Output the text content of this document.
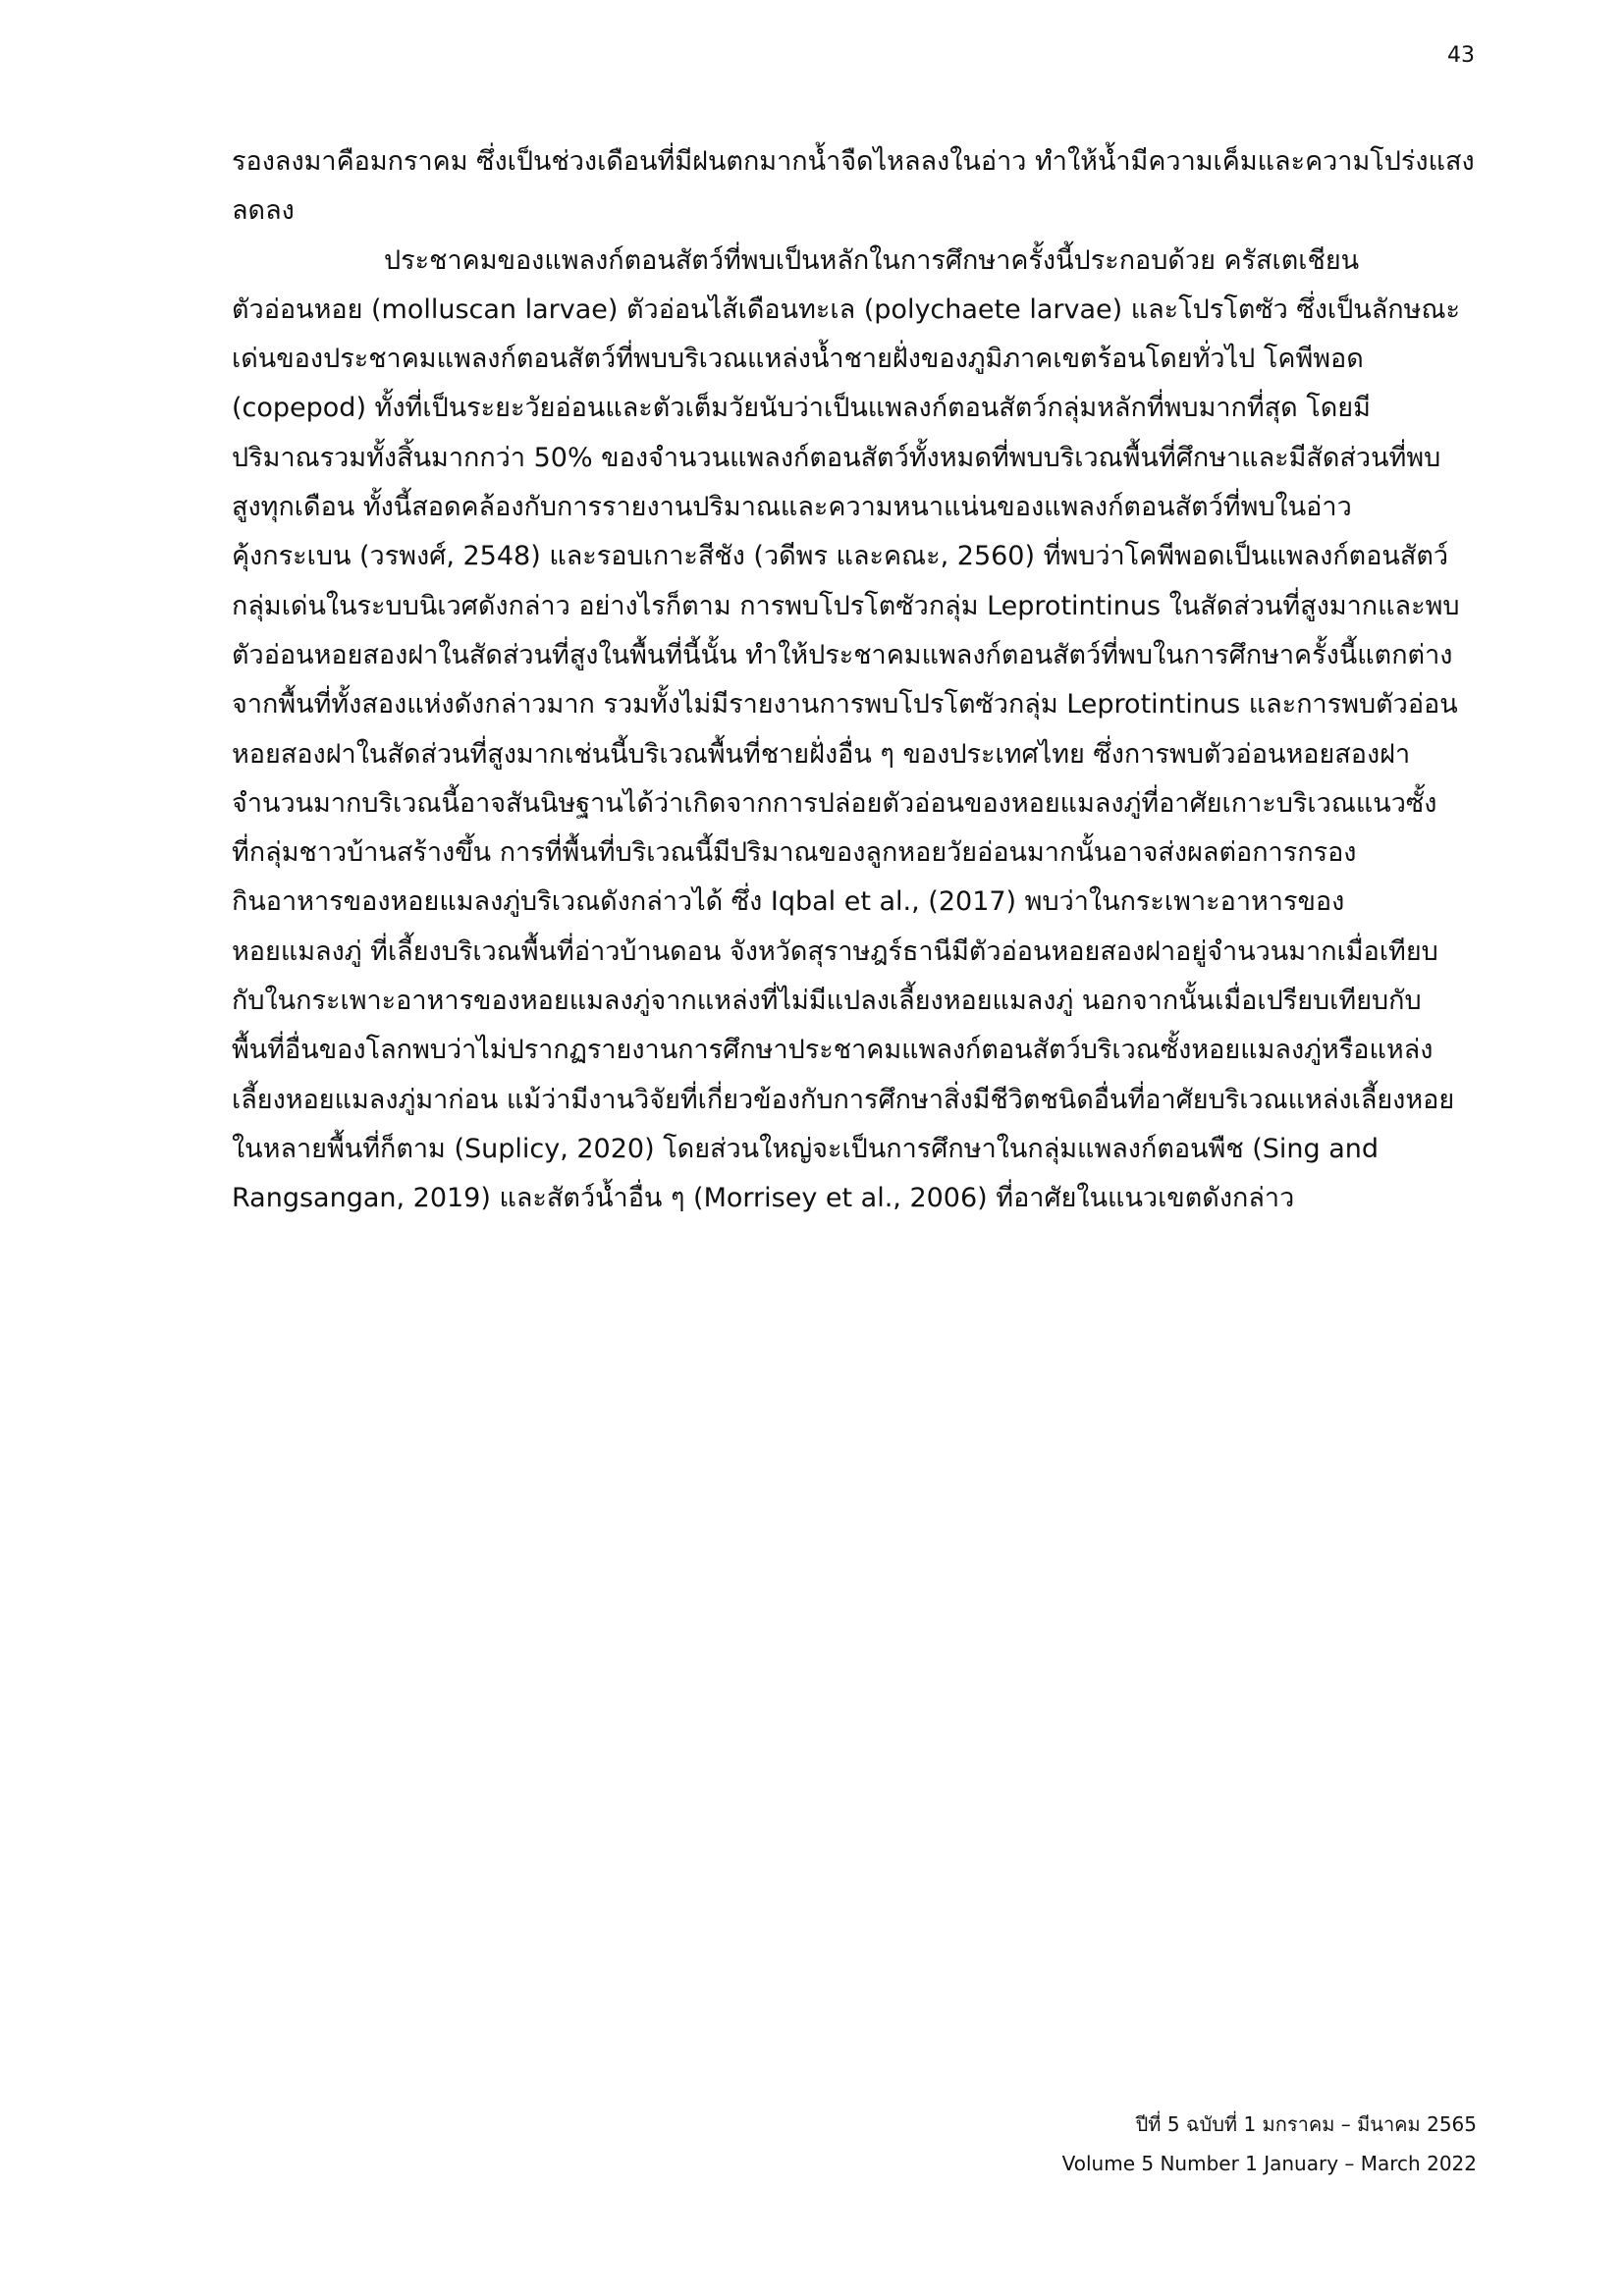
43
รองลงมาคือมกราคม ซึ่งเป็นช่วงเดือนที่มีฝนตกมากน้ำจืดไหลลงในอ่าว ทำให้น้ำมีความเค็มและความโปร่งแสง
ลดลง
ประชาคมของแพลงก์ตอนสัตว์ที่พบเป็นหลักในการศึกษาครั้งนี้ประกอบด้วย ครัสเตเชียน
ตัวอ่อนหอย (molluscan larvae) ตัวอ่อนไส้เดือนทะเล (polychaete larvae) และโปรโตซัว ซึ่งเป็นลักษณะ
เด่นของประชาคมแพลงก์ตอนสัตว์ที่พบบริเวณแหล่งน้ำชายฝั่งของภูมิภาคเขตร้อนโดยทั่วไป โคพีพอด
(copepod) ทั้งที่เป็นระยะวัยอ่อนและตัวเต็มวัยนับว่าเป็นแพลงก์ตอนสัตว์กลุ่มหลักที่พบมากที่สุด โดยมี
ปริมาณรวมทั้งสิ้นมากกว่า 50% ของจำนวนแพลงก์ตอนสัตว์ทั้งหมดที่พบบริเวณพื้นที่ศึกษาและมีสัดส่วนที่พบ
สูงทุกเดือน ทั้งนี้สอดคล้องกับการรายงานปริมาณและความหนาแน่นของแพลงก์ตอนสัตว์ที่พบในอ่าว
คุ้งกระเบน (วรพงศ์, 2548) และรอบเกาะสีชัง (วดีพร และคณะ, 2560) ที่พบว่าโคพีพอดเป็นแพลงก์ตอนสัตว์
กลุ่มเด่นในระบบนิเวศดังกล่าว อย่างไรก็ตาม การพบโปรโตซัวกลุ่ม Leprotintinus ในสัดส่วนที่สูงมากและพบ
ตัวอ่อนหอยสองฝาในสัดส่วนที่สูงในพื้นที่นี้นั้น ทำให้ประชาคมแพลงก์ตอนสัตว์ที่พบในการศึกษาครั้งนี้แตกต่าง
จากพื้นที่ทั้งสองแห่งดังกล่าวมาก รวมทั้งไม่มีรายงานการพบโปรโตซัวกลุ่ม Leprotintinus และการพบตัวอ่อน
หอยสองฝาในสัดส่วนที่สูงมากเช่นนี้บริเวณพื้นที่ชายฝั่งอื่น ๆ ของประเทศไทย ซึ่งการพบตัวอ่อนหอยสองฝา
จำนวนมากบริเวณนี้อาจสันนิษฐานได้ว่าเกิดจากการปล่อยตัวอ่อนของหอยแมลงภู่ที่อาศัยเกาะบริเวณแนวซั้ง
ที่กลุ่มชาวบ้านสร้างขึ้น การที่พื้นที่บริเวณนี้มีปริมาณของลูกหอยวัยอ่อนมากนั้นอาจส่งผลต่อการกรอง
กินอาหารของหอยแมลงภู่บริเวณดังกล่าวได้ ซึ่ง Iqbal et al., (2017) พบว่าในกระเพาะอาหารของ
หอยแมลงภู่ ที่เลี้ยงบริเวณพื้นที่อ่าวบ้านดอน จังหวัดสุราษฎร์ธานีมีตัวอ่อนหอยสองฝาอยู่จำนวนมากเมื่อเทียบ
กับในกระเพาะอาหารของหอยแมลงภู่จากแหล่งที่ไม่มีแปลงเลี้ยงหอยแมลงภู่ นอกจากนั้นเมื่อเปรียบเทียบกับ
พื้นที่อื่นของโลกพบว่าไม่ปรากฏรายงานการศึกษาประชาคมแพลงก์ตอนสัตว์บริเวณซั้งหอยแมลงภู่หรือแหล่ง
เลี้ยงหอยแมลงภู่มาก่อน แม้ว่ามีงานวิจัยที่เกี่ยวข้องกับการศึกษาสิ่งมีชีวิตชนิดอื่นที่อาศัยบริเวณแหล่งเลี้ยงหอย
ในหลายพื้นที่ก็ตาม (Suplicy, 2020) โดยส่วนใหญ่จะเป็นการศึกษาในกลุ่มแพลงก์ตอนพืช (Sing and
Rangsangan, 2019) และสัตว์น้ำอื่น ๆ (Morrisey et al., 2006) ที่อาศัยในแนวเขตดังกล่าว
ปีที่ 5 ฉบับที่ 1 มกราคม – มีนาคม 2565
Volume 5 Number 1 January – March 2022
